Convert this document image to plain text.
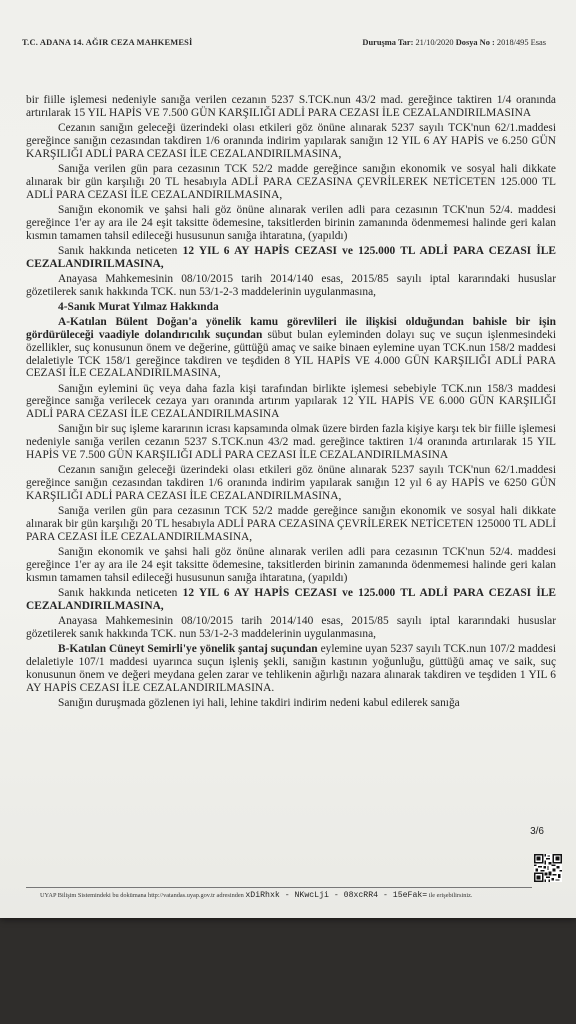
T.C. ADANA 14. AĞIR CEZA MAHKEMESİ	Duruşma Tar: 21/10/2020 Dosya No : 2018/495 Esas

bir fiille işlemesi nedeniyle sanığa verilen cezanın 5237 S.TCK.nun 43/2 mad. gereğince taktiren 1/4 oranında artırılarak 15 YIL HAPİS VE 7.500 GÜN KARŞILIĞI ADLİ PARA CEZASI İLE CEZALANDIRILMASINA

Cezanın sanığın geleceği üzerindeki olası etkileri göz önüne alınarak 5237 sayılı TCK'nun 62/1.maddesi gereğince sanığın cezasından takdiren 1/6 oranında indirim yapılarak sanığın 12 YIL 6 AY HAPİS ve 6.250 GÜN KARŞILIĞI ADLİ PARA CEZASI İLE CEZALANDIRILMASINA,

Sanığa verilen gün para cezasının TCK 52/2 madde gereğince sanığın ekonomik ve sosyal hali dikkate alınarak bir gün karşılığı 20 TL hesabıyla ADLİ PARA CEZASINA ÇEVRİLEREK NETİCETEN 125.000 TL ADLİ PARA CEZASI İLE CEZALANDIRILMASINA,

Sanığın ekonomik ve şahsi hali göz önüne alınarak verilen adli para cezasının TCK'nun 52/4. maddesi gereğince 1'er ay ara ile 24 eşit taksitte ödemesine, taksitlerden birinin zamanında ödenmemesi halinde geri kalan kısmın tamamen tahsil edileceği hususunun sanığa ihtaratına, (yapıldı)

Sanık hakkında neticeten 12 YIL 6 AY HAPİS CEZASI ve 125.000 TL ADLİ PARA CEZASI İLE CEZALANDIRILMASINA,

Anayasa Mahkemesinin 08/10/2015 tarih 2014/140 esas, 2015/85 sayılı iptal kararındaki hususlar gözetilerek sanık hakkında TCK. nun 53/1-2-3 maddelerinin uygulanmasına,

4-Sanık Murat Yılmaz Hakkında

A-Katılan Bülent Doğan'a yönelik kamu görevlileri ile ilişkisi olduğundan bahisle bir işin gördürüleceği vaadiyle dolandırıcılık suçundan sübut bulan eyleminden dolayı suç ve suçun işlenmesindeki özellikler, suç konusunun önem ve değerine, güttüğü amaç ve saike binaen eylemine uyan TCK.nun 158/2 maddesi delaletiyle TCK 158/1 gereğince takdiren ve teşdiden 8 YIL HAPİS VE 4.000 GÜN KARŞILIĞI ADLİ PARA CEZASI İLE CEZALANDIRILMASINA,

Sanığın eylemini üç veya daha fazla kişi tarafından birlikte işlemesi sebebiyle TCK.nın 158/3 maddesi gereğince sanığa verilecek cezaya yarı oranında artırım yapılarak 12 YIL HAPİS VE 6.000 GÜN KARŞILIĞI ADLİ PARA CEZASI İLE CEZALANDIRILMASINA

Sanığın bir suç işleme kararının icrası kapsamında olmak üzere birden fazla kişiye karşı tek bir fiille işlemesi nedeniyle sanığa verilen cezanın 5237 S.TCK.nun 43/2 mad. gereğince taktiren 1/4 oranında artırılarak 15 YIL HAPİS VE 7.500 GÜN KARŞILIĞI ADLİ PARA CEZASI İLE CEZALANDIRILMASINA

Cezanın sanığın geleceği üzerindeki olası etkileri göz önüne alınarak 5237 sayılı TCK'nun 62/1.maddesi gereğince sanığın cezasından takdiren 1/6 oranında indirim yapılarak sanığın 12 yıl 6 ay HAPİS ve 6250 GÜN KARŞILIĞI ADLİ PARA CEZASI İLE CEZALANDIRILMASINA,

Sanığa verilen gün para cezasının TCK 52/2 madde gereğince sanığın ekonomik ve sosyal hali dikkate alınarak bir gün karşılığı 20 TL hesabıyla ADLİ PARA CEZASINA ÇEVRİLEREK NETİCETEN 125000 TL ADLİ PARA CEZASI İLE CEZALANDIRILMASINA,

Sanığın ekonomik ve şahsi hali göz önüne alınarak verilen adli para cezasının TCK'nun 52/4. maddesi gereğince 1'er ay ara ile 24 eşit taksitte ödemesine, taksitlerden birinin zamanında ödenmemesi halinde geri kalan kısmın tamamen tahsil edileceği hususunun sanığa ihtaratına, (yapıldı)

Sanık hakkında neticeten 12 YIL 6 AY HAPİS CEZASI ve 125.000 TL ADLİ PARA CEZASI İLE CEZALANDIRILMASINA,

Anayasa Mahkemesinin 08/10/2015 tarih 2014/140 esas, 2015/85 sayılı iptal kararındaki hususlar gözetilerek sanık hakkında TCK. nun 53/1-2-3 maddelerinin uygulanmasına,

B-Katılan Cüneyt Semirli'ye yönelik şantaj suçundan eylemine uyan 5237 sayılı TCK.nun 107/2 maddesi delaletiyle 107/1 maddesi uyarınca suçun işleniş şekli, sanığın kastının yoğunluğu, güttüğü amaç ve saik, suç konusunun önem ve değeri meydana gelen zarar ve tehlikenin ağırlığı nazara alınarak takdiren ve teşdiden 1 YIL 6 AY HAPİS CEZASI İLE CEZALANDIRILMASINA.

Sanığın duruşmada gözlenen iyi hali, lehine takdiri indirim nedeni kabul edilerek sanığa

3/6
UYAP Bilişim Sistemindeki bu dokümana http://vatandas.uyap.gov.tr adresinden xDiRhxk - NKwcLji - 08xcRR4 - 15eFak= ile erişebilirsiniz.
